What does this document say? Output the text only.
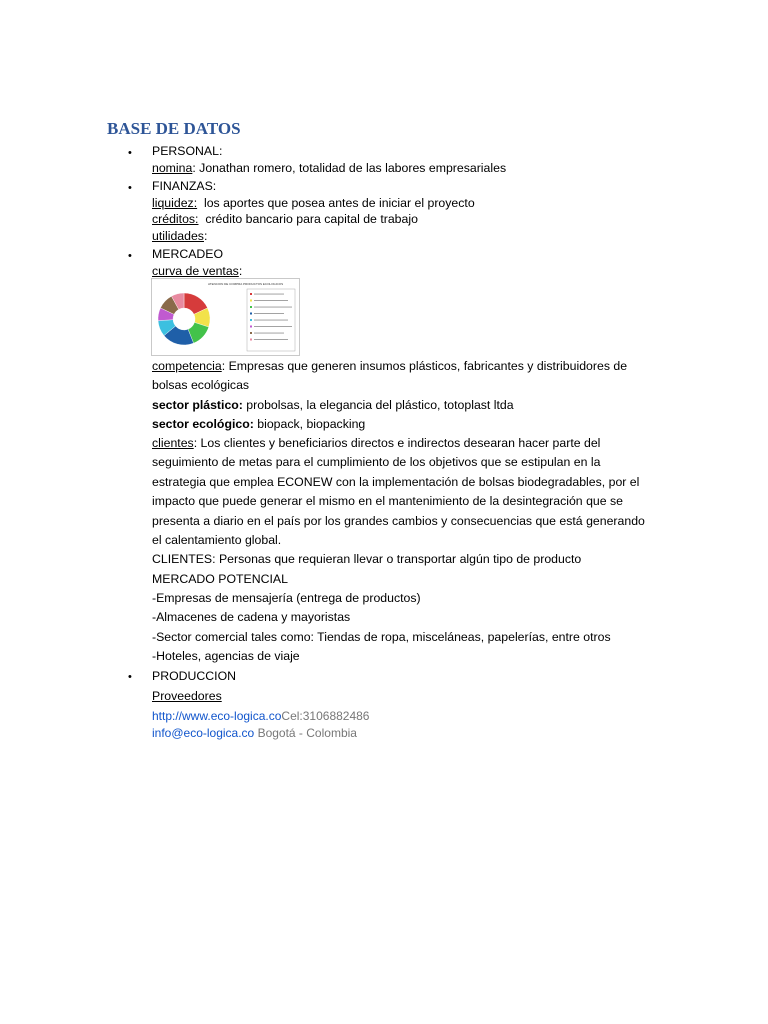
BASE DE DATOS
• PERSONAL:
nomina: Jonathan romero, totalidad de las labores empresariales
• FINANZAS:
liquidez:  los aportes que posea antes de iniciar el proyecto
créditos:  crédito bancario para capital de trabajo
utilidades:
• MERCADEO
curva de ventas:
ATENCION DE COMPRA PRODUCTOS ECOLOGICOS
competencia: Empresas que generen insumos plásticos, fabricantes y distribuidores de
bolsas ecológicas
sector plástico: probolsas, la elegancia del plástico, totoplast ltda
sector ecológico: biopack, biopacking
clientes: Los clientes y beneficiarios directos e indirectos desearan hacer parte del
seguimiento de metas para el cumplimiento de los objetivos que se estipulan en la
estrategia que emplea ECONEW con la implementación de bolsas biodegradables, por el
impacto que puede generar el mismo en el mantenimiento de la desintegración que se
presenta a diario en el país por los grandes cambios y consecuencias que está generando
el calentamiento global.
CLIENTES: Personas que requieran llevar o transportar algún tipo de producto
MERCADO POTENCIAL
-Empresas de mensajería (entrega de productos)
-Almacenes de cadena y mayoristas
-Sector comercial tales como: Tiendas de ropa, misceláneas, papelerías, entre otros
-Hoteles, agencias de viaje
• PRODUCCION
Proveedores
http://www.eco-logica.coCel:3106882486
info@eco-logica.co Bogotá - Colombia
